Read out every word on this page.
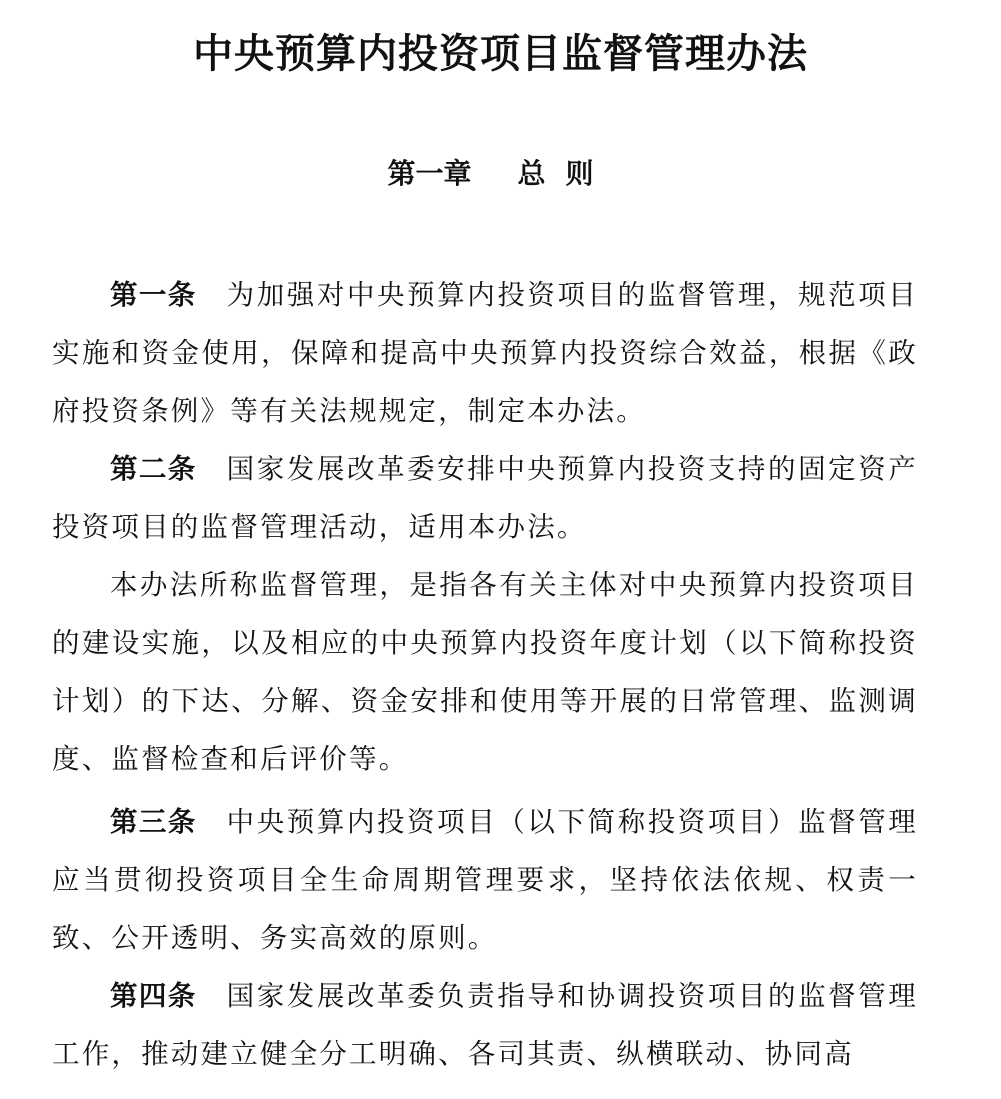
中央预算内投资项目监督管理办法
第一章 总则
第一条 为加强对中央预算内投资项目的监督管理，规范项目实施和资金使用，保障和提高中央预算内投资综合效益，根据《政府投资条例》等有关法规规定，制定本办法。
第二条 国家发展改革委安排中央预算内投资支持的固定资产投资项目的监督管理活动，适用本办法。
本办法所称监督管理，是指各有关主体对中央预算内投资项目的建设实施，以及相应的中央预算内投资年度计划（以下简称投资计划）的下达、分解、资金安排和使用等开展的日常管理、监测调度、监督检查和后评价等。
第三条 中央预算内投资项目（以下简称投资项目）监督管理应当贯彻投资项目全生命周期管理要求，坚持依法依规、权责一致、公开透明、务实高效的原则。
第四条 国家发展改革委负责指导和协调投资项目的监督管理工作，推动建立健全分工明确、各司其责、纵横联动、协同高
